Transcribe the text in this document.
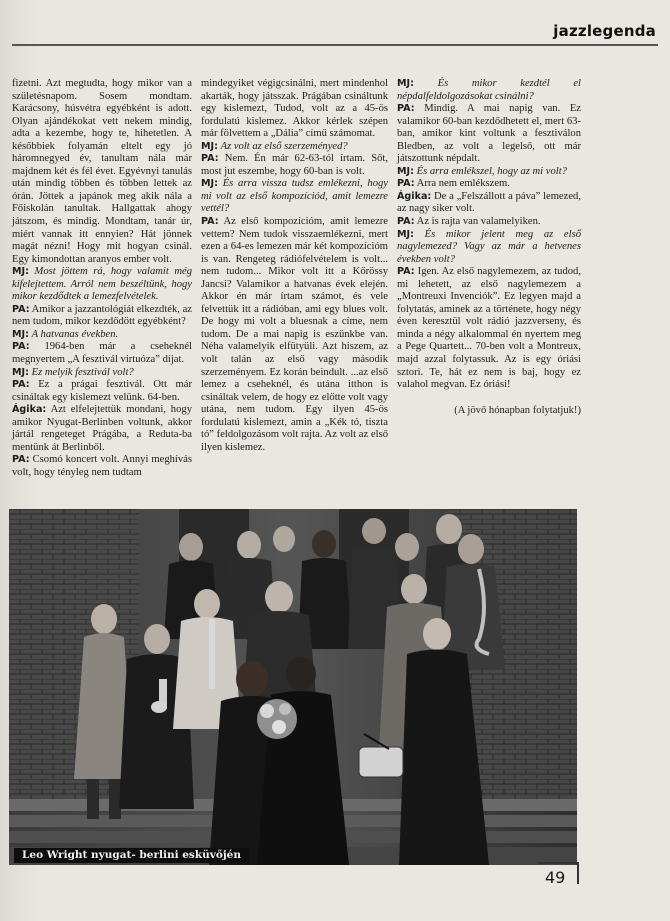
jazzlegenda

fizetni. Azt megtudta, hogy mikor van a születésnapom. Sosem mondtam. Karácsony, húsvétra egyébként is adott. Olyan ajándékokat vett nekem mindig, adta a kezembe, hogy te, hihetetlen. A későbbiek folyamán eltelt egy jó háromnegyed év, tanultam nála már majdnem két és fél évet. Egyévnyi tanulás után mindig többen és többen lettek az órán. Jöttek a japánok meg akik nála a Főiskolán tanultak. Hallgattak ahogy játszom, és mindig. Mondtam, tanár úr, miért vannak itt ennyien? Hát jönnek magát nézni! Hogy mit hogyan csinál. Egy kimondottan aranyos ember volt.

MJ: Most jöttem rá, hogy valamit még kifelejtettem. Arról nem beszéltünk, hogy mikor kezdődtek a lemezfelvételek.

PA: Amikor a jazzantológiát elkezdték, az nem tudom, mikor kezdődött egyébként?

MJ: A hatvanas években.

PA: 1964-ben már a cseheknél megnyertem „A fesztivál virtuóza” díjat.

MJ: Ez melyik fesztivál volt?

PA: Ez a prágai fesztivál. Ott már csináltak egy kislemezt velünk. 64-ben.

Ágika: Azt elfelejtettük mondani, hogy amikor Nyugat-Berlinben voltunk, akkor jártál rengeteget Prágába, a Reduta-ba mentünk át Berlinből.

PA: Csomó koncert volt. Annyi meghívás volt, hogy tényleg nem tudtam

mindegyiket végigcsinálni, mert mindenhol akarták, hogy játsszak. Prágában csináltunk egy kislemezt, Tudod, volt az a 45-ös fordulatú kislemez. Akkor kérlek szépen már fölvettem a „Dália” című számomat.

MJ: Az volt az első szerzeményed?

PA: Nem. Én már 62-63-tól írtam. Sőt, most jut eszembe, hogy 60-ban is volt.

MJ: És arra vissza tudsz emlékezni, hogy mi volt az első kompozíciód, amit lemezre vettél?

PA: Az első kompozícióm, amit lemezre vettem? Nem tudok visszaemlékezni, mert ezen a 64-es lemezen már két kompozícióm is van. Rengeteg rádiófelvételem is volt... nem tudom... Mikor volt itt a Kőrössy Jancsi? Valamikor a hatvanas évek elején. Akkor én már írtam számot, és vele felvettük itt a rádióban, ami egy blues volt. De hogy mi volt a bluesnak a címe, nem tudom. De a mai napig is eszünkbe van. Néha valamelyik elfütyüli. Azt hiszem, az volt talán az első vagy második szerzeményem. Ez korán beindult. ...az első lemez a cseheknél, és utána itthon is csináltak velem, de hogy ez előtte volt vagy utána, nem tudom. Egy ilyen 45-ös fordulatú kislemezt, amin a „Kék tó, tiszta tó” feldolgozásom volt rajta. Az volt az első ilyen kislemez.

MJ: És mikor kezdtél el népdalfeldolgozásokat csinálni?

PA: Mindig. A mai napig van. Ez valamikor 60-ban kezdődhetett el, mert 63-ban, amikor kint voltunk a fesztiválon Bledben, az volt a legelső, ott már játszottunk népdalt.

MJ: És arra emlékszel, hogy az mi volt?

PA: Arra nem emlékszem.

Ágika: De a „Felszállott a páva” lemezed, az nagy siker volt.

PA: Az is rajta van valamelyiken.

MJ: És mikor jelent meg az első nagylemezed? Vagy az már a hetvenes években volt?

PA: Igen. Az első nagylemezem, az tudod, mi lehetett, az első nagylemezem a „Montreuxi Invenciók”. Ez legyen majd a folytatás, aminek az a története, hogy négy éven keresztül volt rádió jazzverseny, és minda a négy alkalommal én nyertem meg a Pege Quartett... 70-ben volt a Montreux, majd azzal folytassuk. Az is egy óriási sztori. Te, hát ez nem is baj, hogy ez valahol megvan. Ez óriási!

(A jövő hónapban folytatjuk!)

Leo Wright nyugat- berlini esküvőjén
49
